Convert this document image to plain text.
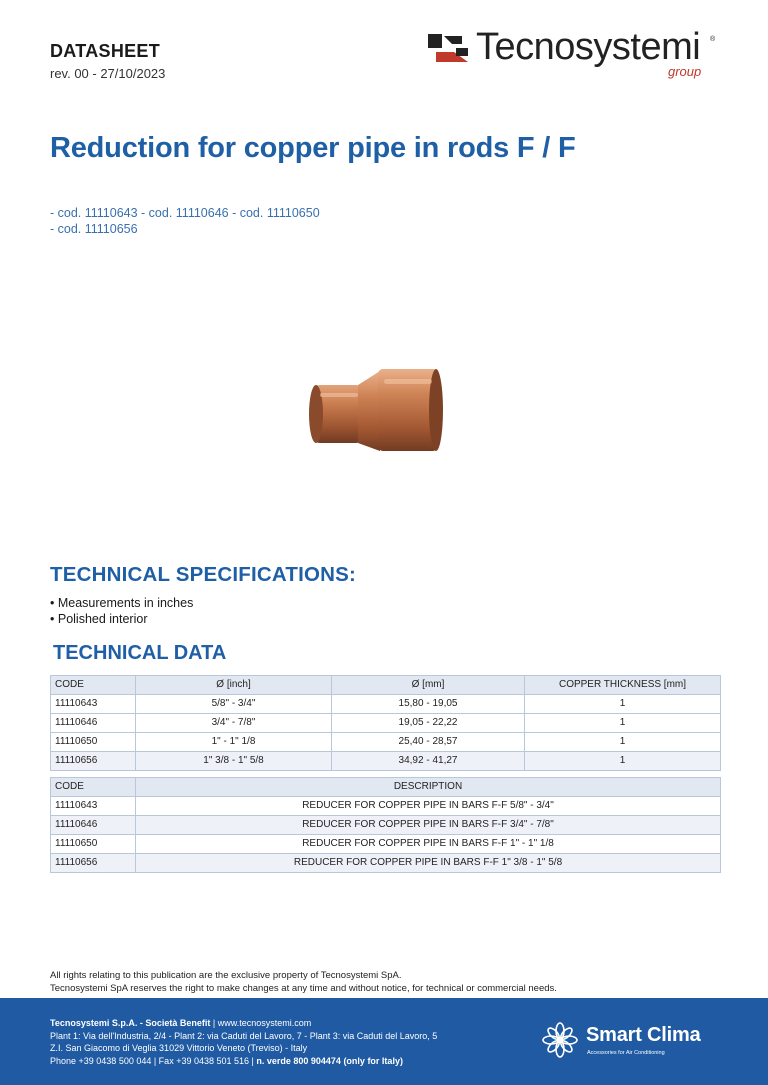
DATASHEET
rev. 00 - 27/10/2023
Tecnosystemi ®
group
Reduction for copper pipe in rods F / F
- cod. 11110643 - cod. 11110646 - cod. 11110650
- cod. 11110656
TECHNICAL SPECIFICATIONS:
• Measurements in inches
• Polished interior
TECHNICAL DATA
CODE	Ø [inch]	Ø [mm]	COPPER THICKNESS [mm]
11110643	5/8" - 3/4"	15,80 - 19,05	1
11110646	3/4" - 7/8"	19,05 - 22,22	1
11110650	1" - 1" 1/8	25,40 - 28,57	1
11110656	1" 3/8 - 1" 5/8	34,92 - 41,27	1
CODE	DESCRIPTION
11110643	REDUCER FOR COPPER PIPE IN BARS F-F 5/8" - 3/4"
11110646	REDUCER FOR COPPER PIPE IN BARS F-F 3/4" - 7/8"
11110650	REDUCER FOR COPPER PIPE IN BARS F-F 1" - 1" 1/8
11110656	REDUCER FOR COPPER PIPE IN BARS F-F 1" 3/8 - 1" 5/8
All rights relating to this publication are the exclusive property of Tecnosystemi SpA.
Tecnosystemi SpA reserves the right to make changes at any time and without notice, for technical or commercial needs.
Tecnosystemi S.p.A. - Società Benefit | www.tecnosystemi.com
Plant 1: Via dell'Industria, 2/4 - Plant 2: via Caduti del Lavoro, 7 - Plant 3: via Caduti del Lavoro, 5
Z.I. San Giacomo di Veglia 31029 Vittorio Veneto (Treviso) - Italy
Phone +39 0438 500 044 | Fax +39 0438 501 516 | n. verde 800 904474 (only for Italy)
Smart Clima
Accessories for Air Conditioning
